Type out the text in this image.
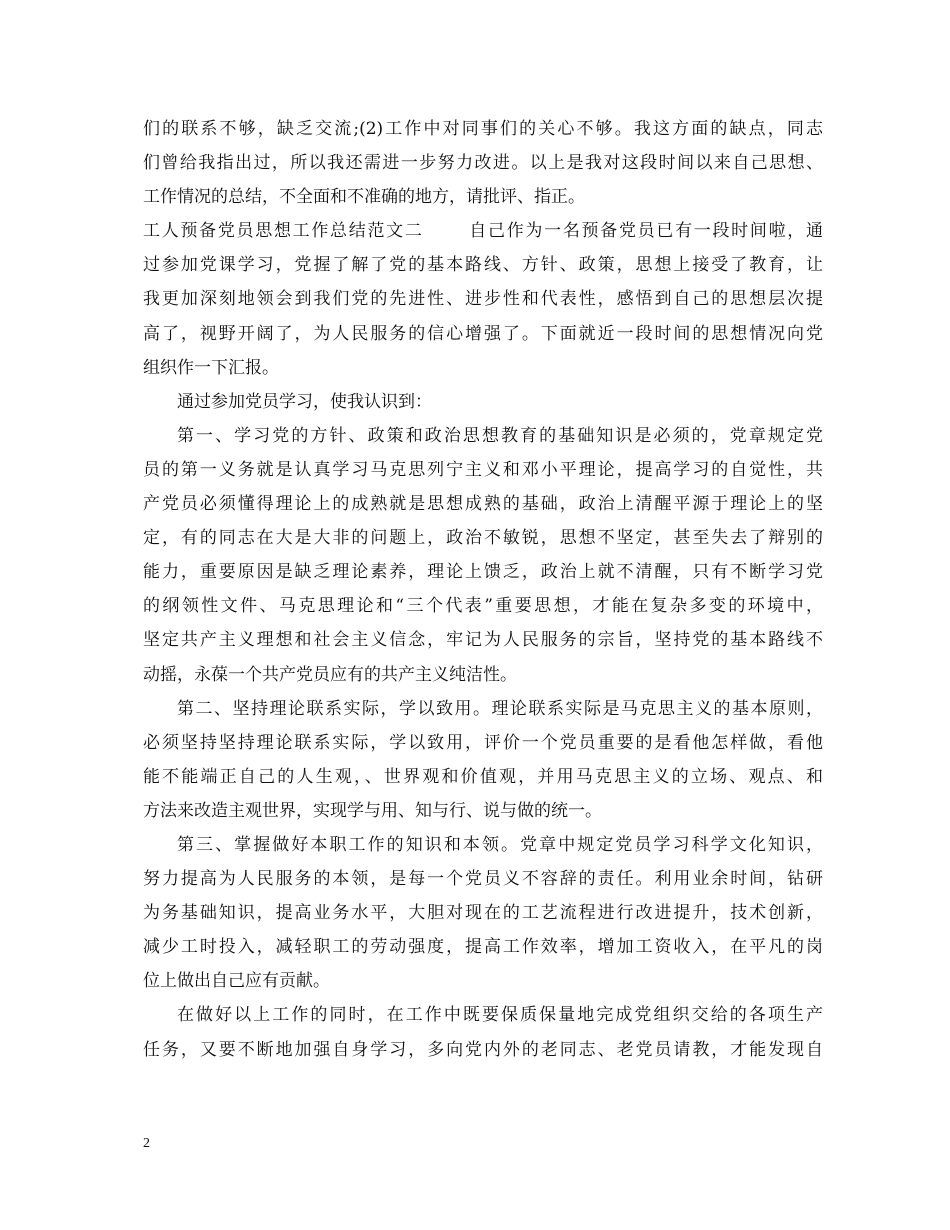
们的联系不够，缺乏交流;(2)工作中对同事们的关心不够。我这方面的缺点，同志
们曾给我指出过，所以我还需进一步努力改进。以上是我对这段时间以来自己思想、
工作情况的总结，不全面和不准确的地方，请批评、指正。
工人预备党员思想工作总结范文二	自己作为一名预备党员已有一段时间啦，通
过参加党课学习，党握了解了党的基本路线、方针、政策，思想上接受了教育，让
我更加深刻地领会到我们党的先进性、进步性和代表性，感悟到自己的思想层次提
高了，视野开阔了，为人民服务的信心增强了。下面就近一段时间的思想情况向党
组织作一下汇报。
通过参加党员学习，使我认识到：
第一、学习党的方针、政策和政治思想教育的基础知识是必须的，党章规定党
员的第一义务就是认真学习马克思列宁主义和邓小平理论，提高学习的自觉性，共
产党员必须懂得理论上的成熟就是思想成熟的基础，政治上清醒平源于理论上的坚
定，有的同志在大是大非的问题上，政治不敏锐，思想不坚定，甚至失去了辩别的
能力，重要原因是缺乏理论素养，理论上馈乏，政治上就不清醒，只有不断学习党
的纲领性文件、马克思理论和“三个代表”重要思想，才能在复杂多变的环境中，
坚定共产主义理想和社会主义信念，牢记为人民服务的宗旨，坚持党的基本路线不
动摇，永葆一个共产党员应有的共产主义纯洁性。
第二、坚持理论联系实际，学以致用。理论联系实际是马克思主义的基本原则，
必须坚持坚持理论联系实际，学以致用，评价一个党员重要的是看他怎样做，看他
能不能端正自己的人生观，、世界观和价值观，并用马克思主义的立场、观点、和
方法来改造主观世界，实现学与用、知与行、说与做的统一。
第三、掌握做好本职工作的知识和本领。党章中规定党员学习科学文化知识，
努力提高为人民服务的本领，是每一个党员义不容辞的责任。利用业余时间，钻研
为务基础知识，提高业务水平，大胆对现在的工艺流程进行改进提升，技术创新，
减少工时投入，减轻职工的劳动强度，提高工作效率，增加工资收入，在平凡的岗
位上做出自己应有贡献。
在做好以上工作的同时，在工作中既要保质保量地完成党组织交给的各项生产
任务，又要不断地加强自身学习，多向党内外的老同志、老党员请教，才能发现自
2
